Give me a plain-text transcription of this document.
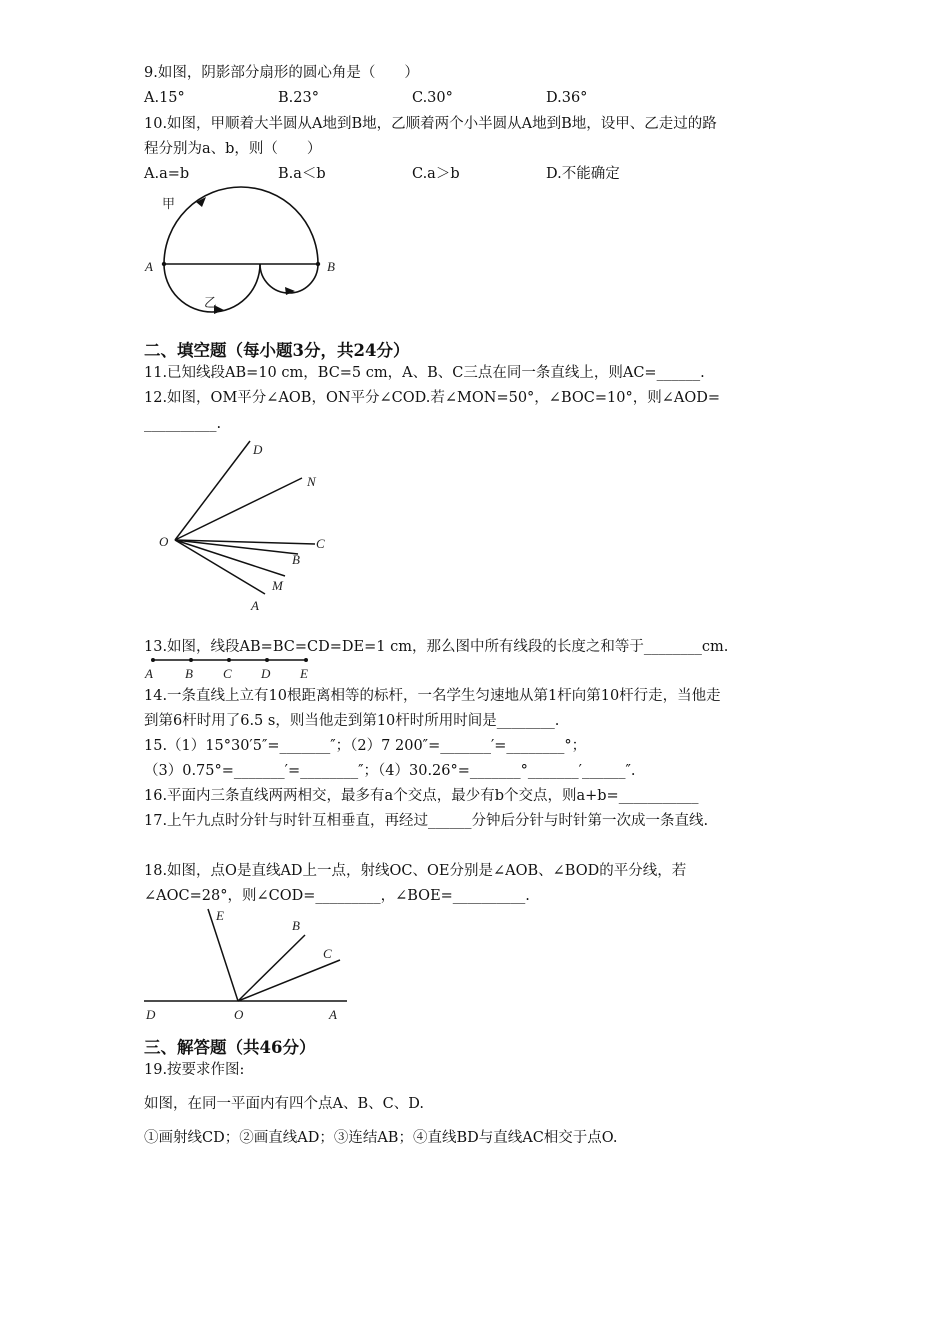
9.如图，阴影部分扇形的圆心角是（　　）
A.15°	B.23°	C.30°	D.36°
10.如图，甲顺着大半圆从A地到B地，乙顺着两个小半圆从A地到B地，设甲、乙走过的路
程分别为a、b，则（　　）
A.a=b	B.a＜b	C.a＞b	D.不能确定
甲
乙
A	B
二、填空题（每小题3分，共24分）
11.已知线段AB=10 cm，BC=5 cm，A、B、C三点在同一条直线上，则AC=______.
12.如图，OM平分∠AOB，ON平分∠COD.若∠MON=50°，∠BOC=10°，则∠AOD=
__________.
O
D
N
C
B
M
A
13.如图，线段AB=BC=CD=DE=1 cm，那么图中所有线段的长度之和等于________cm.
A B C D E
14.一条直线上立有10根距离相等的标杆，一名学生匀速地从第1杆向第10杆行走，当他走
到第6杆时用了6.5 s，则当他走到第10杆时所用时间是________.
15.（1）15°30′5″=_______″；（2）7 200″=_______′=________°；
（3）0.75°=_______′=________″；（4）30.26°=_______°_______′______″.
16.平面内三条直线两两相交，最多有a个交点，最少有b个交点，则a+b=___________
17.上午九点时分针与时针互相垂直，再经过______分钟后分针与时针第一次成一条直线.
18.如图，点O是直线AD上一点，射线OC、OE分别是∠AOB、∠BOD的平分线，若
∠AOC=28°，则∠COD=_________，∠BOE=__________.
E
B
C
D	O	A
三、解答题（共46分）
19.按要求作图:
如图，在同一平面内有四个点A、B、C、D.
①画射线CD；②画直线AD；③连结AB；④直线BD与直线AC相交于点O.
